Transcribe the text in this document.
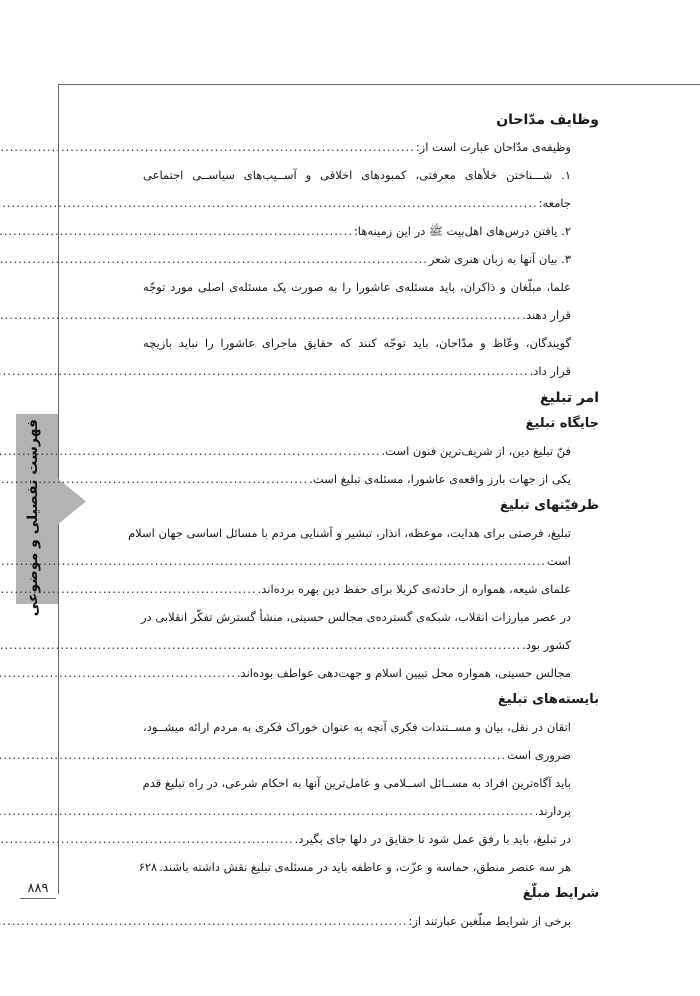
فهرست تفصیلی و موضوعی
۸۸۹
وظایف مدّاحان
وظیفه‌ی مدّاحان عبارت است از:
.....
۱. شـــناختن خلأهای معرفتی، کمبودهای اخلاقی و آســیب‌های سیاســی اجتماعی
جامعه:
.....
۲. یافتن درس‌های اهل‌بیت ﷺ در این زمینه‌ها:
.....
۳. بیان آنها به زبان هنری شعر
.....
علما، مبلّغان و ذاکران، باید مسئله‌ی عاشورا را به صورت یک مسئله‌ی اصلی مورد توجّه
قرار دهند.
.....
گویندگان، وعّاظ و مدّاحان، باید توجّه کنند که حقایق ماجرای عاشورا را نباید بازیچه
قرار داد.
.....
امر تبلیغ
جایگاه تبلیغ
فنّ تبلیغ دین، از شریف‌ترین فنون است.
.....
یکی از جهات بارز واقعه‌ی عاشورا، مسئله‌ی تبلیغ است.
.....
ظرفیّتهای تبلیغ
تبلیغ، فرصتی برای هدایت، موعظه، انذار، تبشیر و آشنایی مردم با مسائل اساسی جهان اسلام
است
.....
علمای شیعه، همواره از حادثه‌ی کربلا برای حفظ دین بهره برده‌اند.
.....
در عصر مبارزات انقلاب، شبکه‌ی گسترده‌ی مجالس حسینی، منشأ گسترش تفکّر انقلابی در
کشور بود.
.....
مجالس حسینی، همواره محل تبیین اسلام و جهت‌دهی عواطف بوده‌اند.
.....
بایسته‌های تبلیغ
اتقان در نقل، بیان و مســتندات فکری آنچه به عنوان خوراک فکری به مردم ارائه میشــود،
ضروری است
.....
باید آگاه‌ترین افراد به مســائل اســلامی و عامل‌ترین آنها به احکام شرعی، در راه تبلیغ قدم
بردارند.
.....
در تبلیغ، باید با رفق عمل شود تا حقایق در دلها جای بگیرد.
.....
هر سه عنصر منطق، حماسه و عزّت، و عاطفه باید در مسئله‌ی تبلیغ نقش داشته باشند.
۶۲۸
شرایط مبلّغ
برخی از شرایط مبلّغین عبارتند از:
.....
